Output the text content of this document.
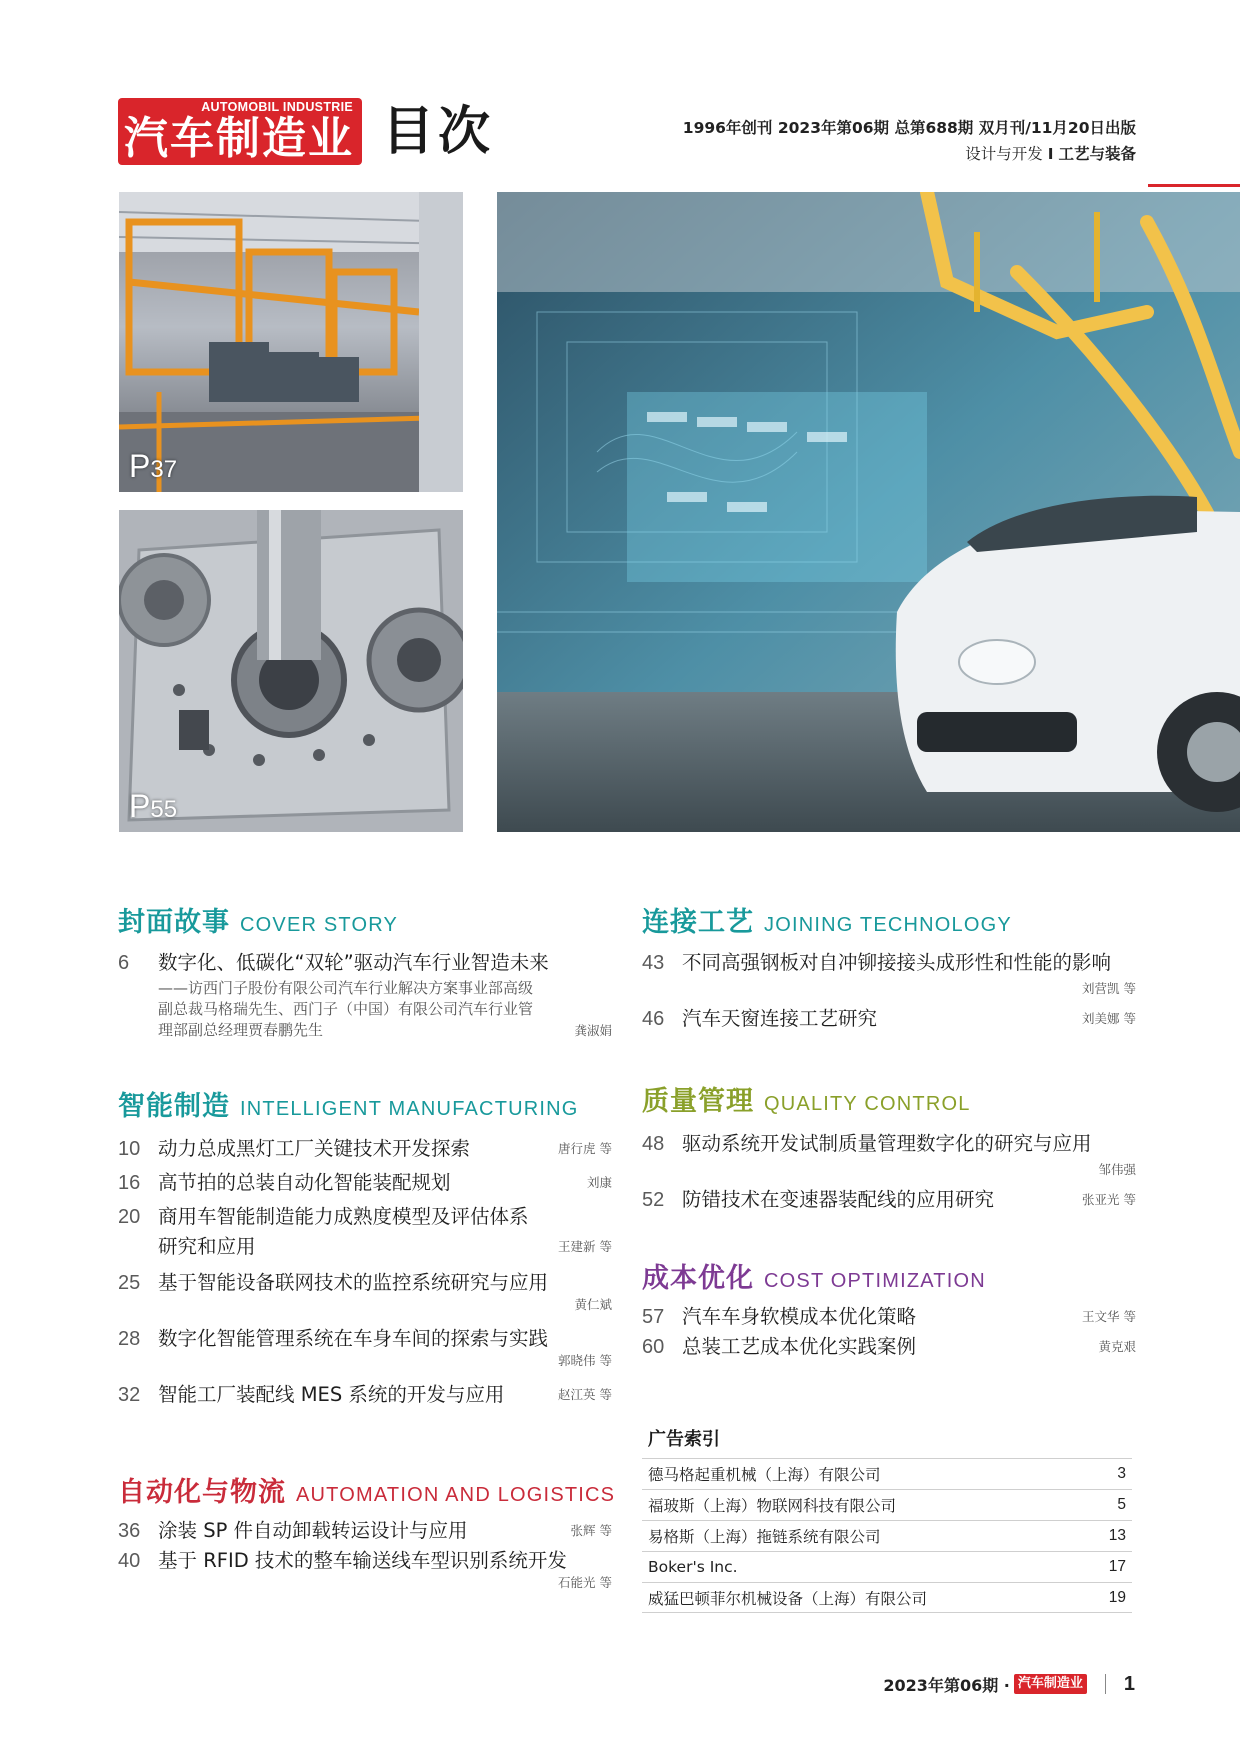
AUTOMOBIL INDUSTRIE
汽车制造业 目次	1996年创刊 2023年第06期 总第688期 双月刊/11月20日出版
设计与开发 I 工艺与装备
P37
P55
封面故事 COVER STORY
6	数字化、低碳化“双轮”驱动汽车行业智造未来
——访西门子股份有限公司汽车行业解决方案事业部高级副总裁马格瑞先生、西门子（中国）有限公司汽车行业管理部副总经理贾春鹏先生	龚淑娟
智能制造 INTELLIGENT MANUFACTURING
10 动力总成黑灯工厂关键技术开发探索	唐行虎 等
16 高节拍的总装自动化智能装配规划	刘康
20 商用车智能制造能力成熟度模型及评估体系研究和应用	王建新 等
25 基于智能设备联网技术的监控系统研究与应用
黄仁斌
28 数字化智能管理系统在车身车间的探索与实践
郭晓伟 等
32 智能工厂装配线 MES 系统的开发与应用	赵江英 等
自动化与物流 AUTOMATION AND LOGISTICS
36 涂装 SP 件自动卸载转运设计与应用	张辉 等
40 基于 RFID 技术的整车输送线车型识别系统开发
石能光 等
连接工艺 JOINING TECHNOLOGY
43 不同高强钢板对自冲铆接接头成形性和性能的影响
刘营凯 等
46 汽车天窗连接工艺研究	刘美娜 等
质量管理 QUALITY CONTROL
48 驱动系统开发试制质量管理数字化的研究与应用
邹伟强
52 防错技术在变速器装配线的应用研究	张亚光 等
成本优化 COST OPTIMIZATION
57 汽车车身软模成本优化策略	王文华 等
60 总装工艺成本优化实践案例	黄克艰
广告索引
德马格起重机械（上海）有限公司	3
福玻斯（上海）物联网科技有限公司	5
易格斯（上海）拖链系统有限公司	13
Boker's Inc.	17
威猛巴顿菲尔机械设备（上海）有限公司	19
2023年第06期 · 汽车制造业 1
